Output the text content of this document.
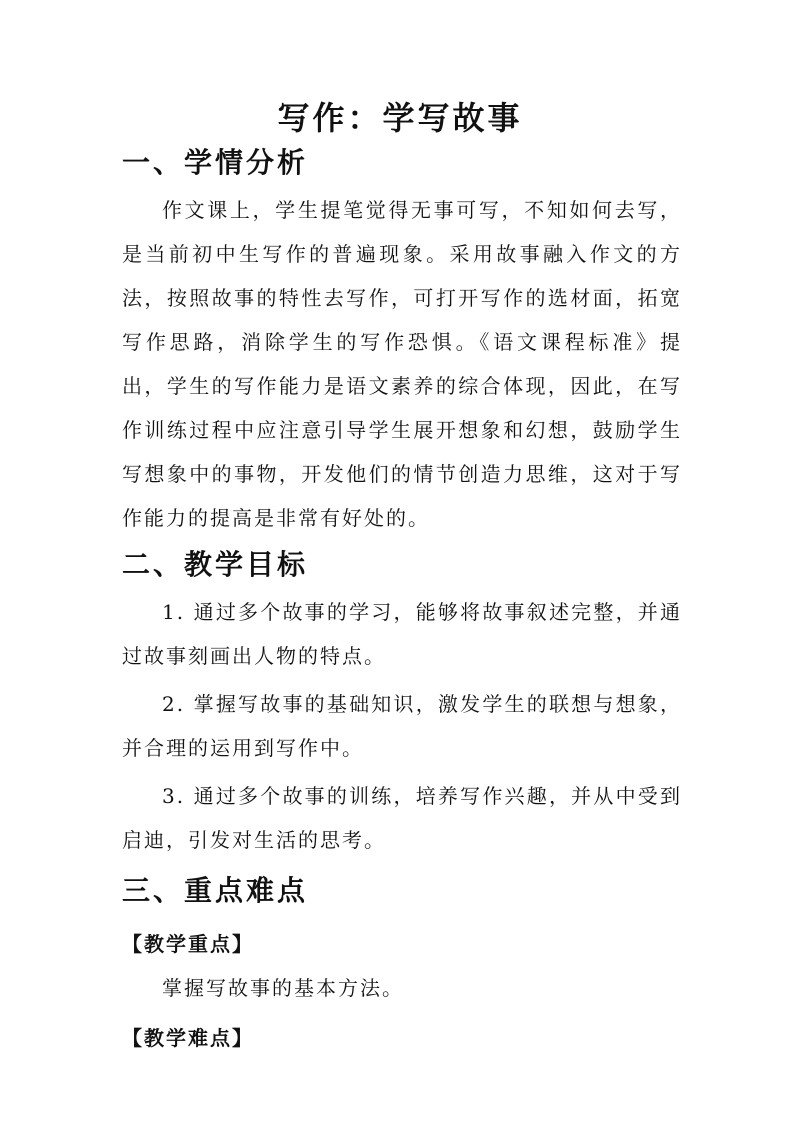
写作：学写故事
一、学情分析

作文课上，学生提笔觉得无事可写，不知如何去写，是当前初中生写作的普遍现象。采用故事融入作文的方法，按照故事的特性去写作，可打开写作的选材面，拓宽写作思路，消除学生的写作恐惧。《语文课程标准》提出，学生的写作能力是语文素养的综合体现，因此，在写作训练过程中应注意引导学生展开想象和幻想，鼓励学生写想象中的事物，开发他们的情节创造力思维，这对于写作能力的提高是非常有好处的。

二、教学目标

1. 通过多个故事的学习，能够将故事叙述完整，并通过故事刻画出人物的特点。

2. 掌握写故事的基础知识，激发学生的联想与想象，并合理的运用到写作中。

3. 通过多个故事的训练，培养写作兴趣，并从中受到启迪，引发对生活的思考。

三、重点难点
【教学重点】

掌握写故事的基本方法。

【教学难点】
